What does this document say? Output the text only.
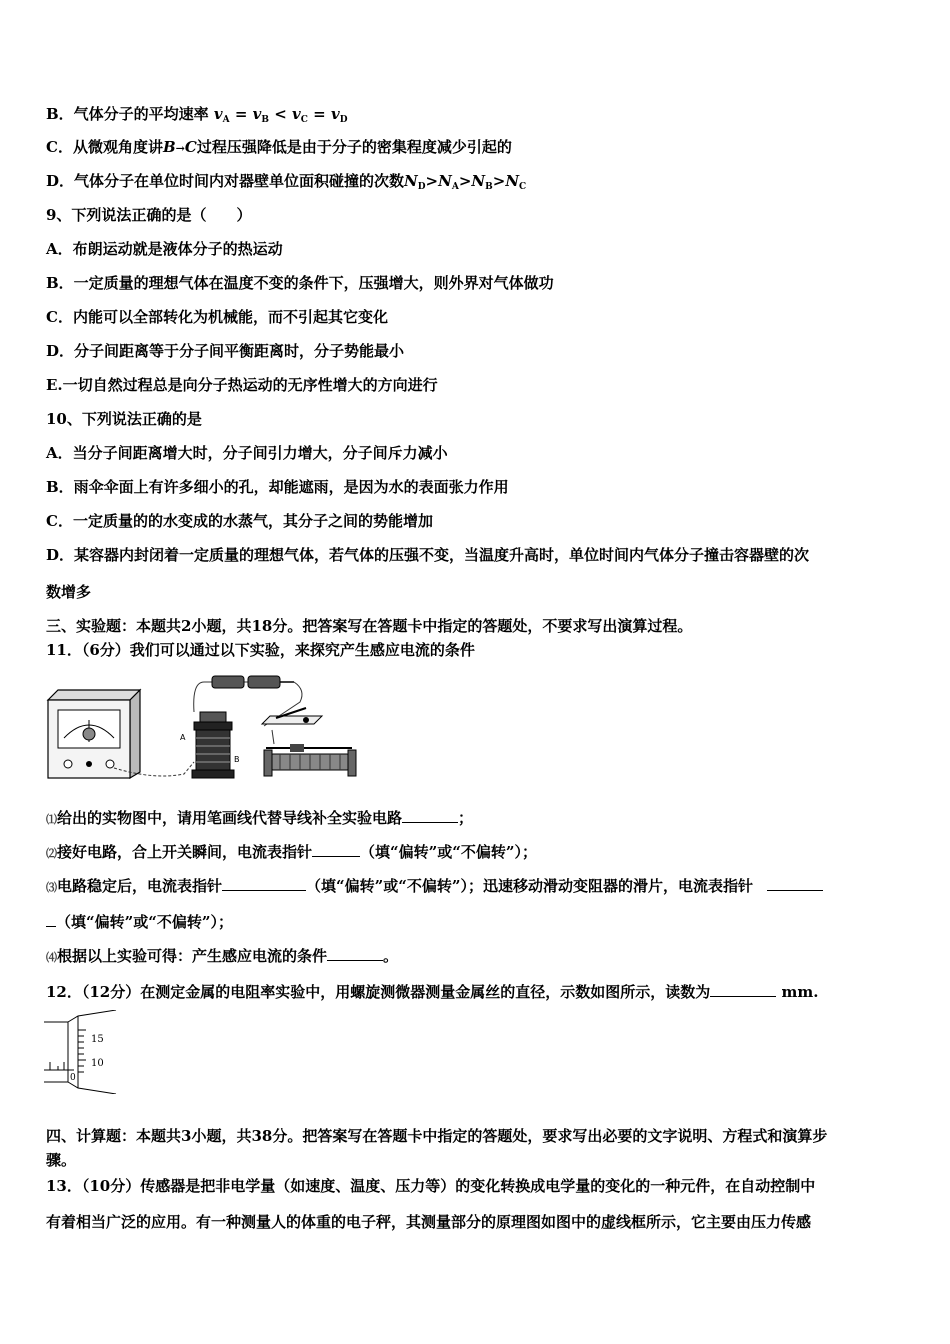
B．气体分子的平均速率 $v_A = v_B < v_C = v_D$
C．从微观角度讲B→C过程压强降低是由于分子的密集程度减少引起的
D．气体分子在单位时间内对器壁单位面积碰撞的次数$N_D>N_A>N_B>N_C$
9、下列说法正确的是（　　）
A．布朗运动就是液体分子的热运动
B．一定质量的理想气体在温度不变的条件下，压强增大，则外界对气体做功
C．内能可以全部转化为机械能，而不引起其它变化
D．分子间距离等于分子间平衡距离时，分子势能最小
E.一切自然过程总是向分子热运动的无序性增大的方向进行
10、下列说法正确的是
A．当分子间距离增大时，分子间引力增大，分子间斥力减小
B．雨伞伞面上有许多细小的孔，却能遮雨，是因为水的表面张力作用
C．一定质量的的水变成的水蒸气，其分子之间的势能增加
D．某容器内封闭着一定质量的理想气体，若气体的压强不变，当温度升高时，单位时间内气体分子撞击容器壁的次
数增多
三、实验题：本题共2小题，共18分。把答案写在答题卡中指定的答题处，不要求写出演算过程。
11．（6分）我们可以通过以下实验，来探究产生感应电流的条件
A
B
⑴给出的实物图中，请用笔画线代替导线补全实验电路	；
⑵接好电路，合上开关瞬间，电流表指针	（填“偏转”或“不偏转”）；
⑶电路稳定后，电流表指针	（填“偏转”或“不偏转”）；迅速移动滑动变阻器的滑片，电流表指针
（填“偏转”或“不偏转”）；
⑷根据以上实验可得：产生感应电流的条件	。
12．（12分）在测定金属的电阻率实验中，用螺旋测微器测量金属丝的直径，示数如图所示，读数为	mm.
15
10
0
四、计算题：本题共3小题，共38分。把答案写在答题卡中指定的答题处，要求写出必要的文字说明、方程式和演算步
骤。
13．（10分）传感器是把非电学量（如速度、温度、压力等）的变化转换成电学量的变化的一种元件，在自动控制中
有着相当广泛的应用。有一种测量人的体重的电子秤，其测量部分的原理图如图中的虚线框所示，它主要由压力传感
